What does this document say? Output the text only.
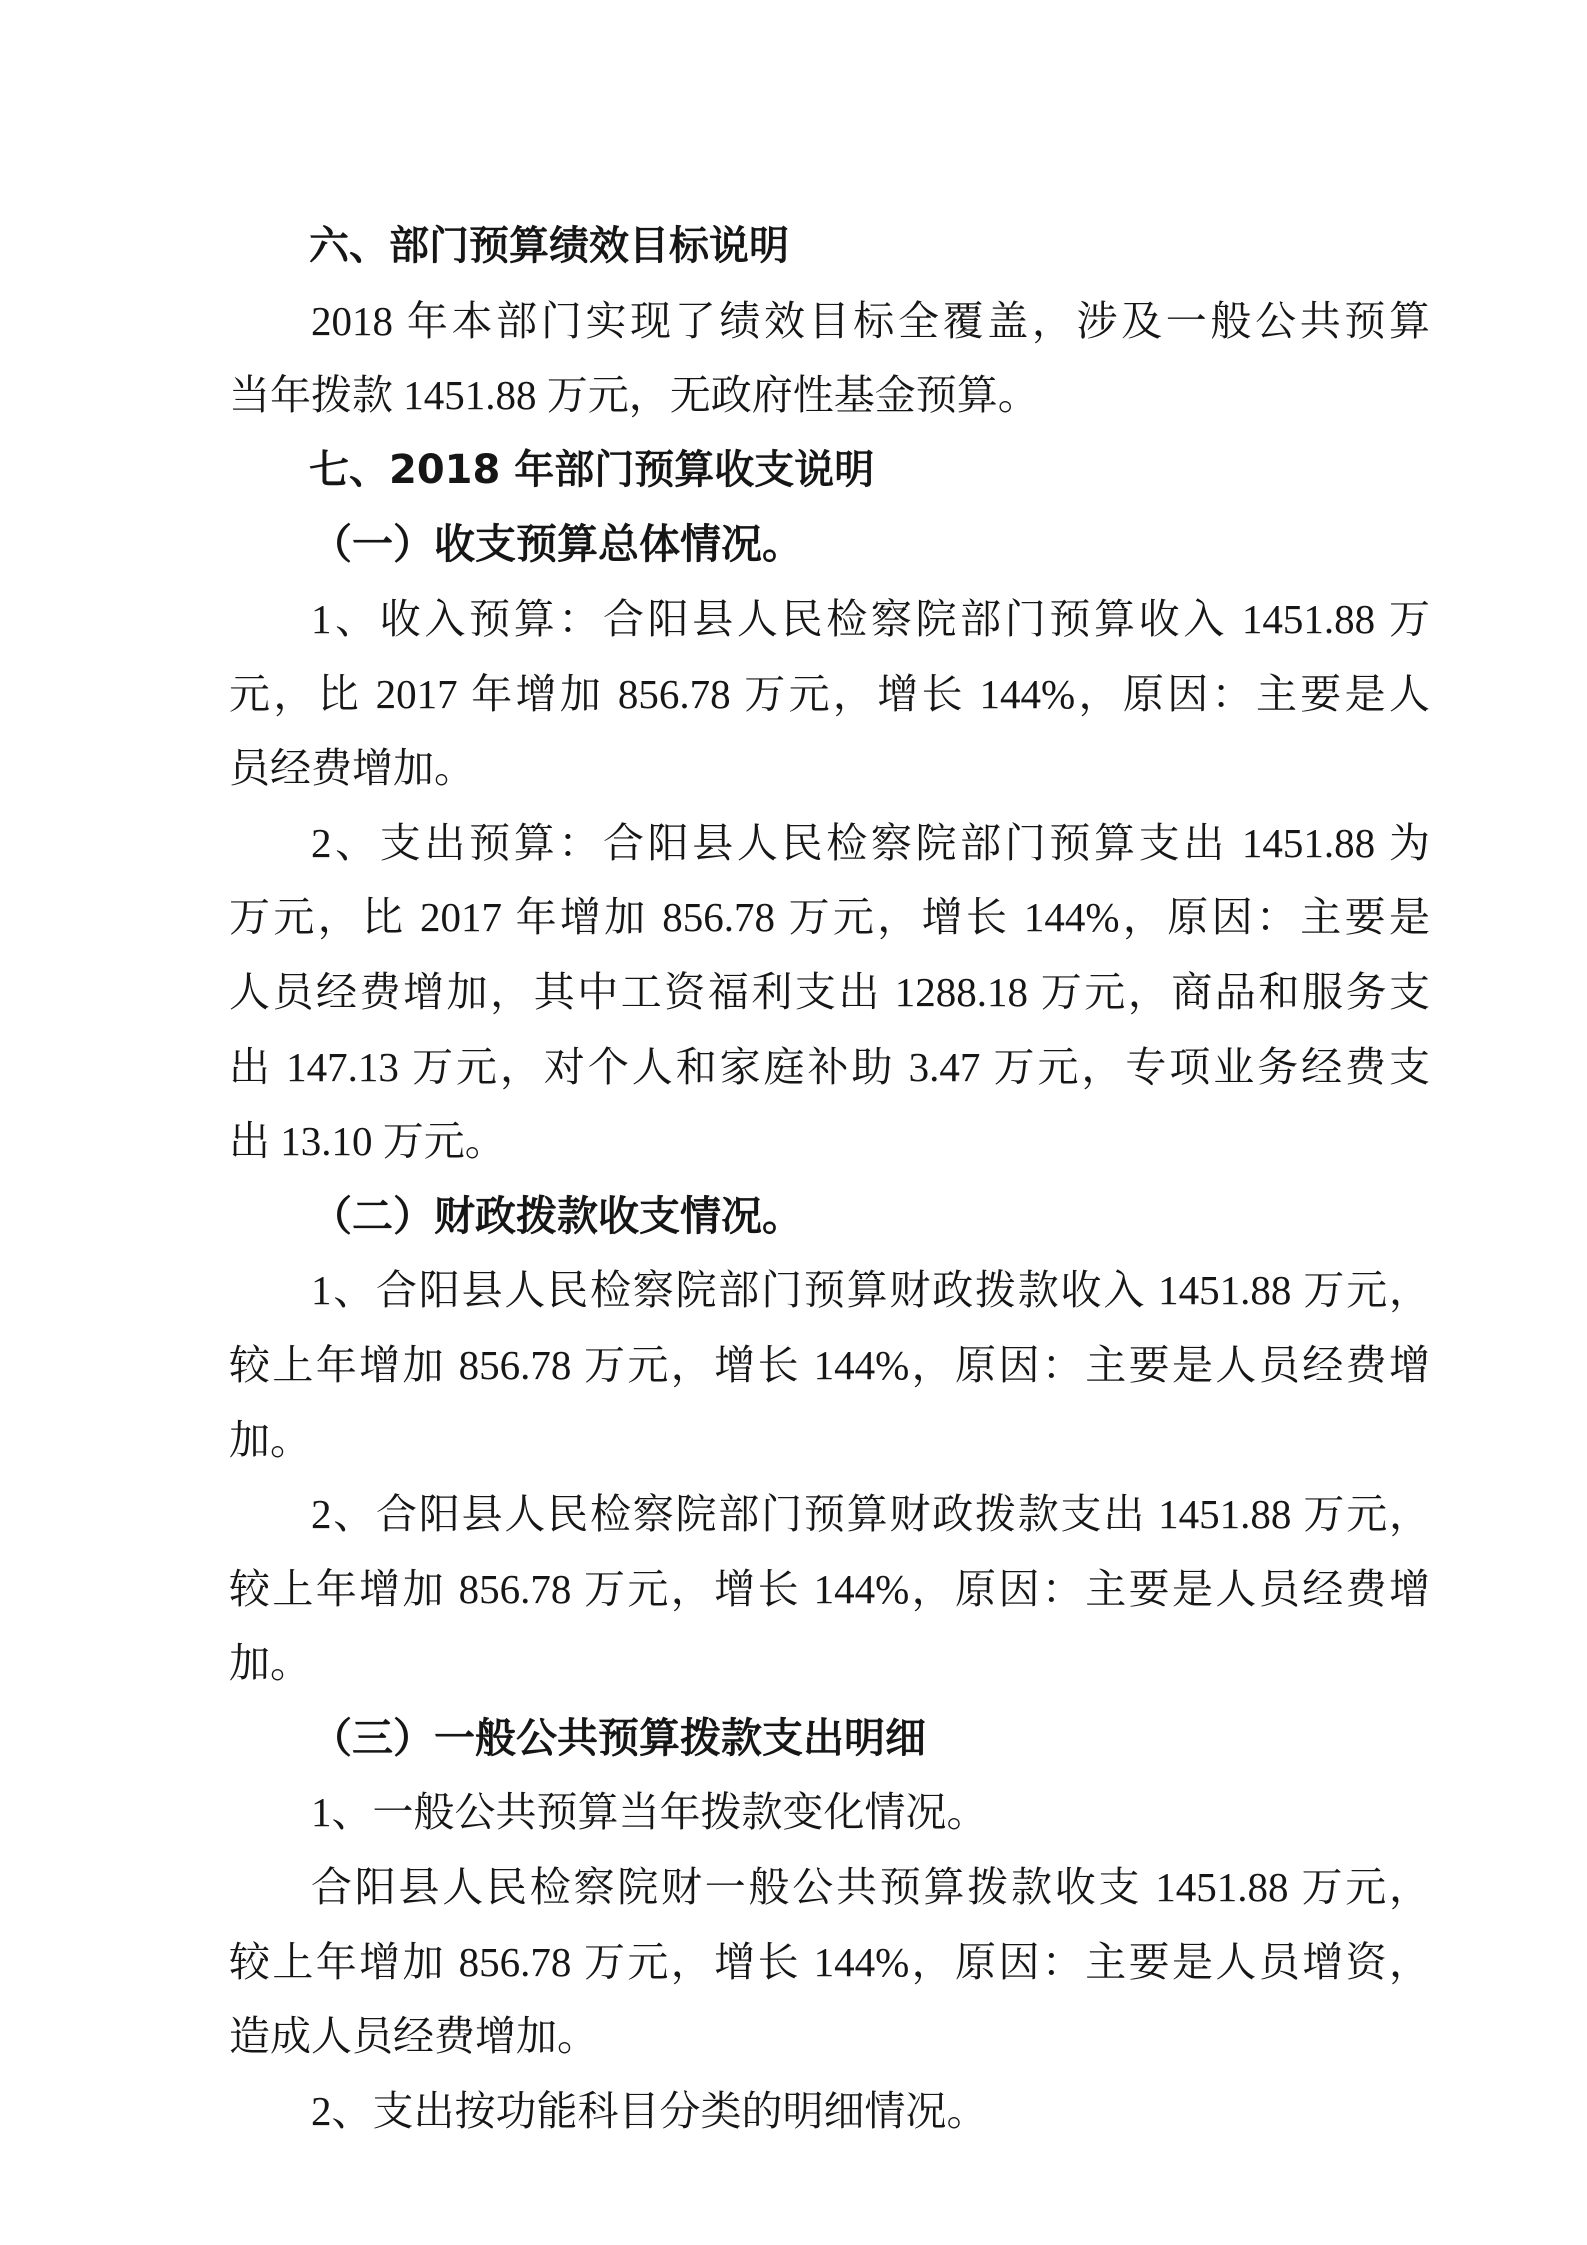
六、部门预算绩效目标说明

2018 年本部门实现了绩效目标全覆盖，涉及一般公共预算
当年拨款 1451.88 万元，无政府性基金预算。

七、2018 年部门预算收支说明
（一）收支预算总体情况。

1、收入预算：合阳县人民检察院部门预算收入 1451.88 万
元，比 2017 年增加 856.78 万元，增长 144%，原因：主要是人
员经费增加。

2、支出预算：合阳县人民检察院部门预算支出 1451.88 为
万元，比 2017 年增加 856.78 万元，增长 144%，原因：主要是
人员经费增加，其中工资福利支出 1288.18 万元，商品和服务支
出 147.13 万元，对个人和家庭补助 3.47 万元，专项业务经费支
出 13.10 万元。

（二）财政拨款收支情况。

1、合阳县人民检察院部门预算财政拨款收入 1451.88 万元，
较上年增加 856.78 万元，增长 144%，原因：主要是人员经费增
加。

2、合阳县人民检察院部门预算财政拨款支出 1451.88 万元，
较上年增加 856.78 万元，增长 144%，原因：主要是人员经费增
加。

（三）一般公共预算拨款支出明细

1、一般公共预算当年拨款变化情况。

合阳县人民检察院财一般公共预算拨款收支 1451.88 万元，
较上年增加 856.78 万元，增长 144%，原因：主要是人员增资，
造成人员经费增加。

2、支出按功能科目分类的明细情况。
